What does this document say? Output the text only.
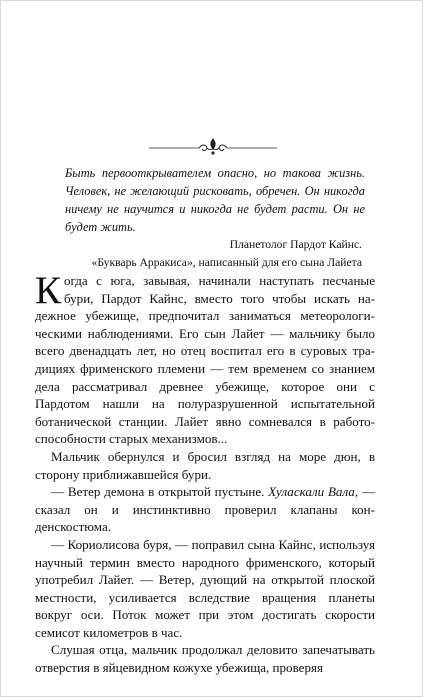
Быть первооткрывателем опасно, но такова жизнь. Человек, не желающий рисковать, обречен. Он никогда ничему не научится и никогда не будет расти. Он не будет жить.

Планетолог Пардот Кайнс.

«Букварь Арракиса», написанный для его сына Лайета

Когда с юга, завывая, начинали наступать песчаные бури, Пардот Кайнс, вместо того чтобы искать надежное убежище, предпочитал заниматься метеорологическими наблюдениями. Его сын Лайет — мальчику было всего двенадцать лет, но отец воспитал его в суровых традициях фрименского племени — тем временем со знанием дела рассматривал древнее убежище, которое они с Пардотом нашли на полуразрушенной испытательной ботанической станции. Лайет явно сомневался в работоспособности старых механизмов...

Мальчик обернулся и бросил взгляд на море дюн, в сторону приближавшейся бури.

— Ветер демона в открытой пустыне. Хулаcкали Вала, — сказал он и инстинктивно проверил клапаны конденскостюма.

— Кориолисова буря, — поправил сына Кайнс, используя научный термин вместо народного фрименского, который употребил Лайет. — Ветер, дующий на открытой плоской местности, усиливается вследствие вращения планеты вокруг оси. Поток может при этом достигать скорости семисот километров в час.

Слушая отца, мальчик продолжал деловито запечатывать отверстия в яйцевидном кожухе убежища, проверяя
